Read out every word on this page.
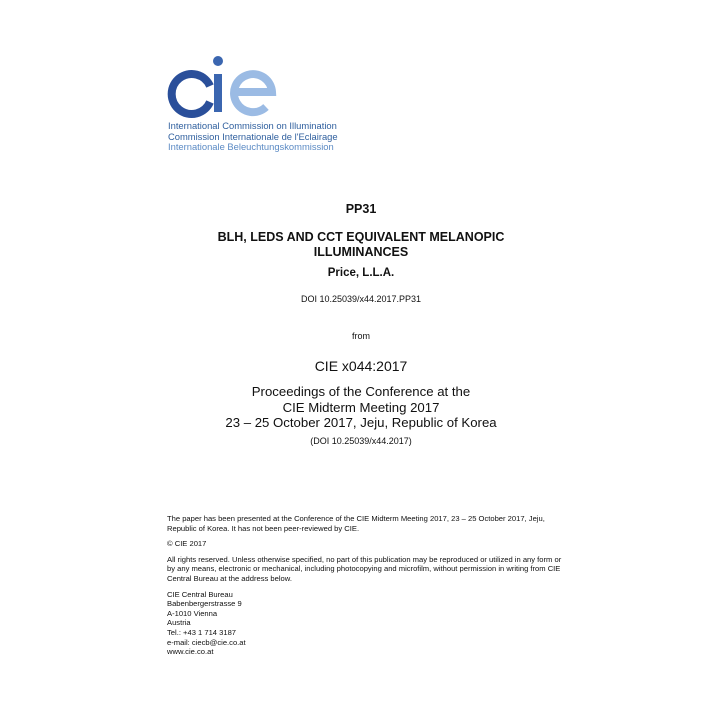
International Commission on Illumination
Commission Internationale de l'Eclairage
Internationale Beleuchtungskommission
PP31
BLH, LEDS AND CCT EQUIVALENT MELANOPIC
ILLUMINANCES
Price, L.L.A.
DOI 10.25039/x44.2017.PP31
from
CIE x044:2017
Proceedings of the Conference at the
CIE Midterm Meeting 2017
23 – 25 October 2017, Jeju, Republic of Korea
(DOI 10.25039/x44.2017)

The paper has been presented at the Conference of the CIE Midterm Meeting 2017, 23 – 25 October 2017, Jeju, Republic of Korea. It has not been peer-reviewed by CIE.

© CIE 2017

All rights reserved. Unless otherwise specified, no part of this publication may be reproduced or utilized in any form or by any means, electronic or mechanical, including photocopying and microfilm, without permission in writing from CIE Central Bureau at the address below.

CIE Central Bureau
Babenbergerstrasse 9
A-1010 Vienna
Austria
Tel.: +43 1 714 3187
e-mail: ciecb@cie.co.at
www.cie.co.at
